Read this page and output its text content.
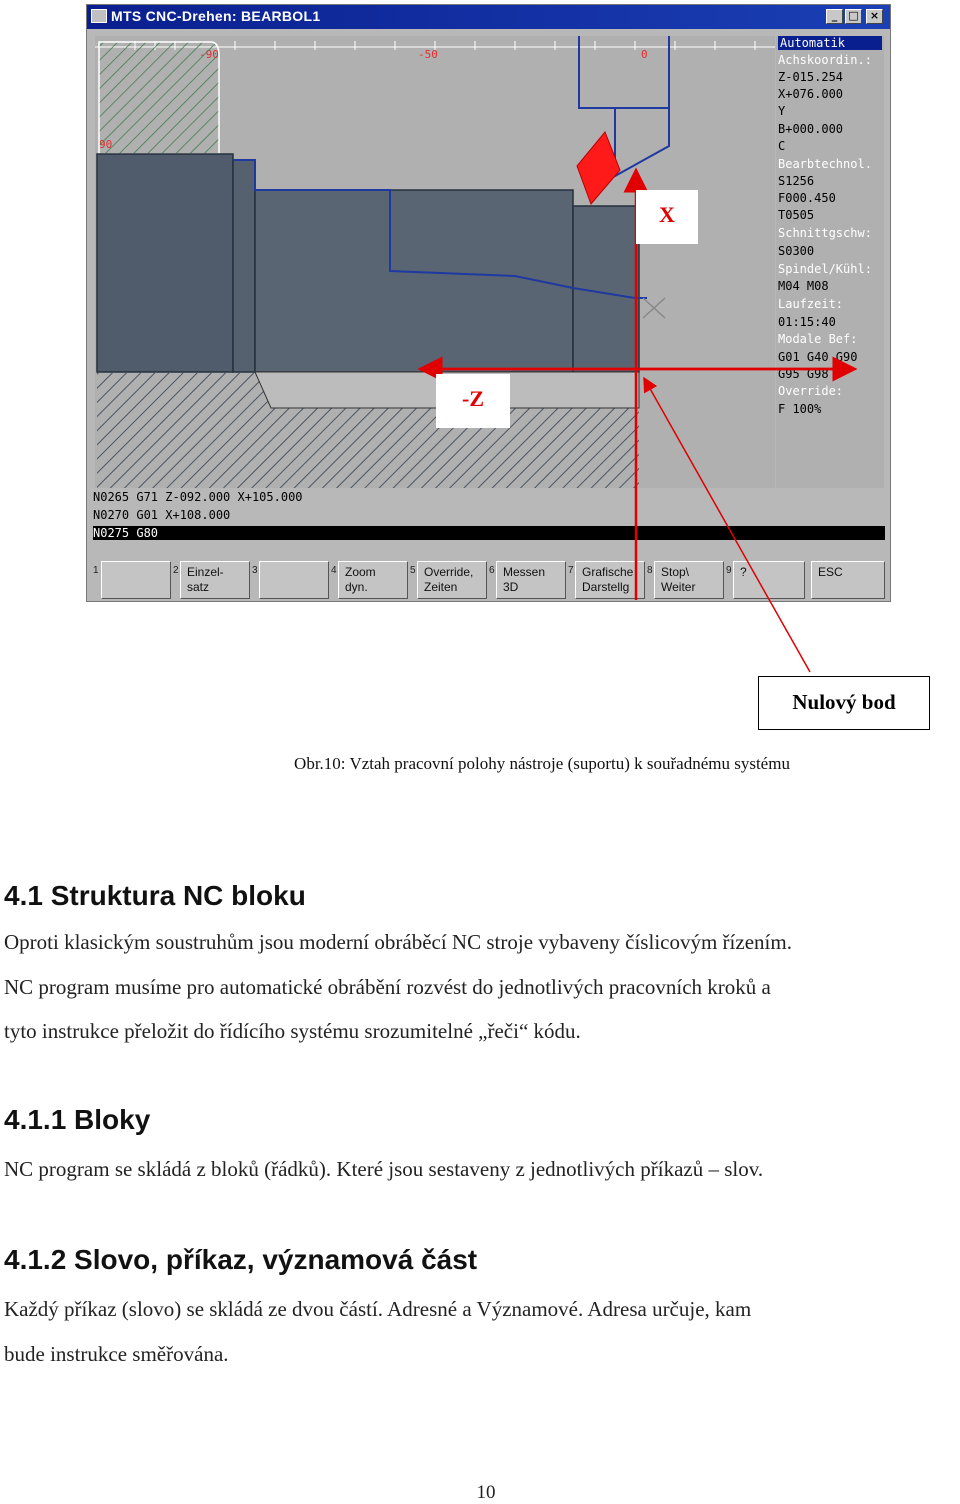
MTS CNC-Drehen: BEARBOL1	_	□	×
-50	0
Automatik
Achskoordin.:
Z-015.254
X+076.000
Y
B+000.000
C
Bearbtechnol.
S1256
F000.450
T0505
Schnittgschw:
S0300
Spindel/Kühl:
M04 M08
Laufzeit:
01:15:40
Modale Bef:
G01 G40 G90
G95 G98
Override:
F 100%
N0265 G71 Z-092.000 X+105.000
N0270 G01 X+108.000
N0275 G80
1	2 Einzel-
satz
3	4 Zoom
dyn.
5 Override,
Zeiten
6 Messen
3D
7 Grafische
Darstellg
8 Stop\
Weiter
9 ?	ESC
X
-Z
Nulový bod
Obr.10: Vztah pracovní polohy nástroje (suportu) k souřadnému systému
4.1 Struktura NC bloku
Oproti klasickým soustruhům jsou moderní obráběcí NC stroje vybaveny číslicovým řízením.
NC program musíme pro automatické obrábění rozvést do jednotlivých pracovních kroků a
tyto instrukce přeložit do řídícího systému srozumitelné „řeči“ kódu.
4.1.1 Bloky
NC program se skládá z bloků (řádků). Které jsou sestaveny z jednotlivých příkazů – slov.
4.1.2 Slovo, příkaz, významová část
Každý příkaz (slovo) se skládá ze dvou částí. Adresné a Významové. Adresa určuje, kam
bude instrukce směřována.
10
